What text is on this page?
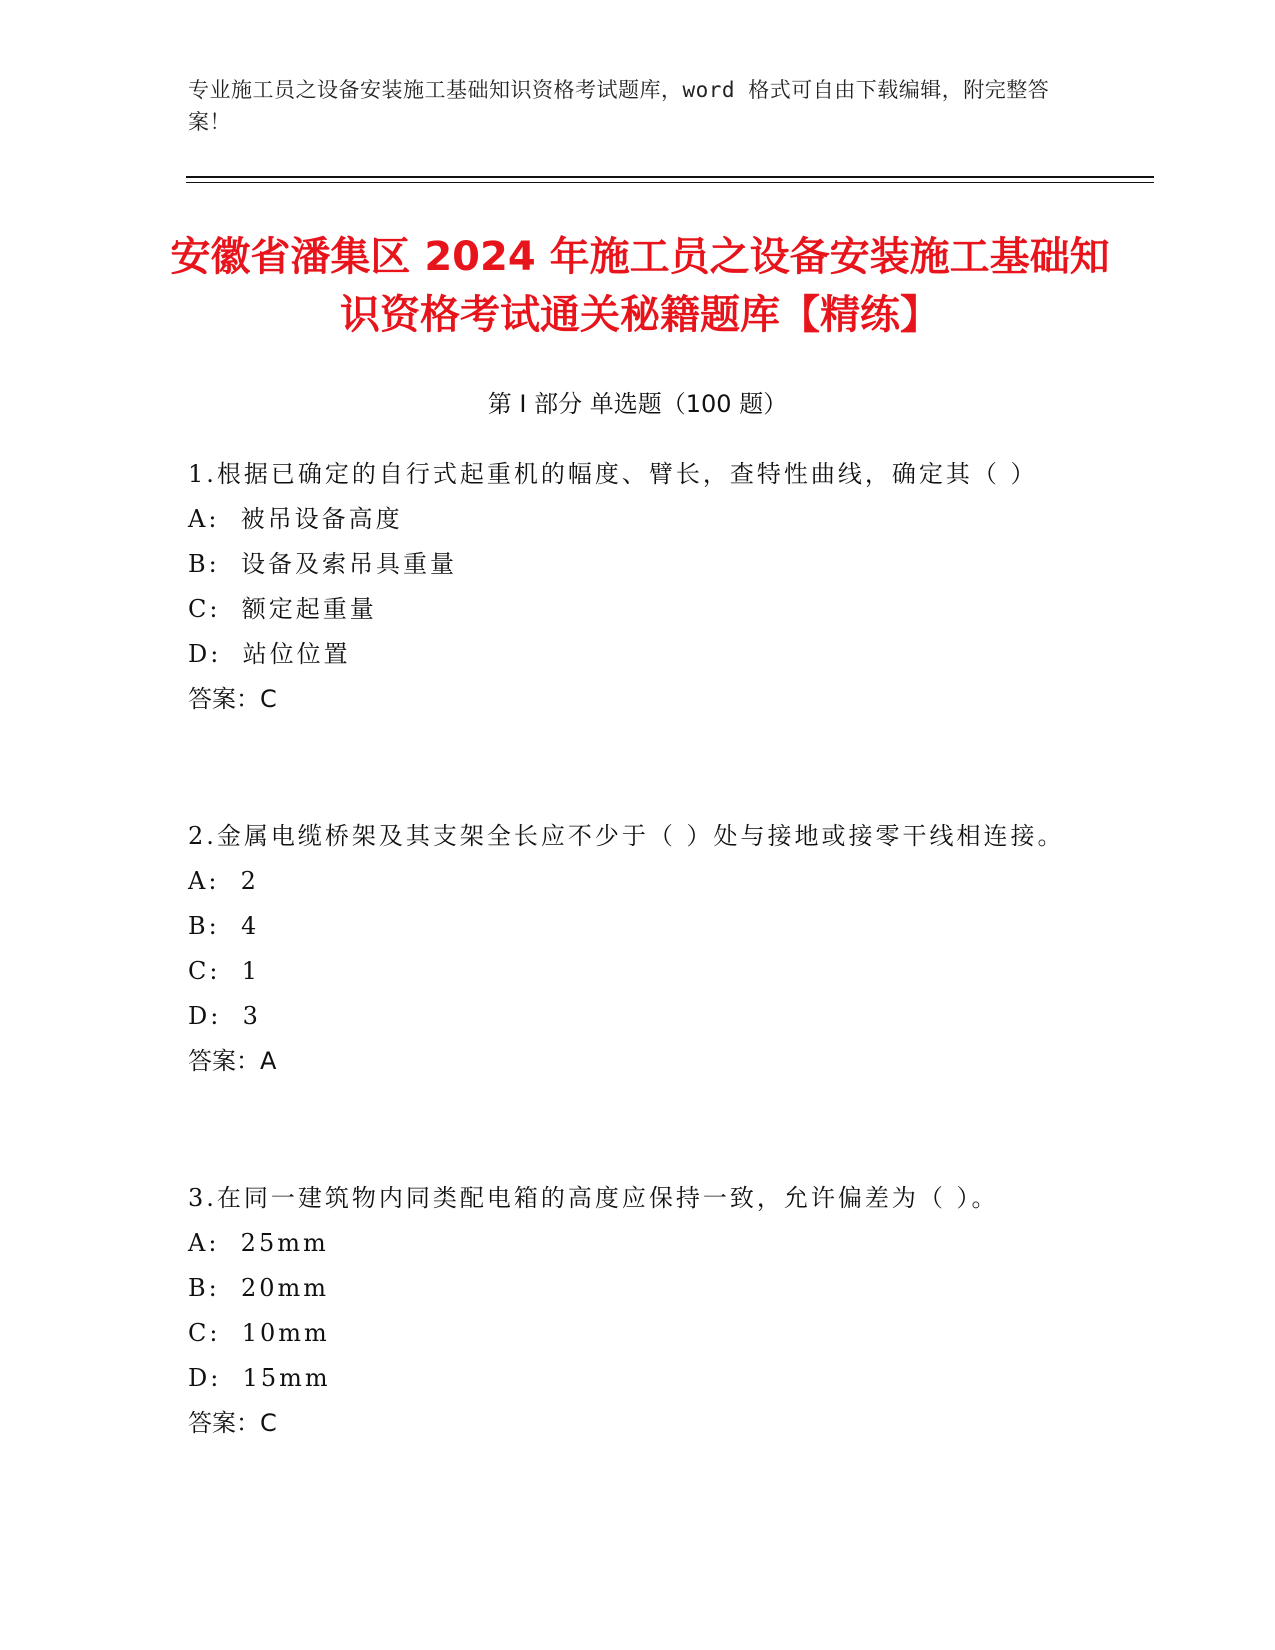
专业施工员之设备安装施工基础知识资格考试题库，word 格式可自由下载编辑，附完整答案！
安徽省潘集区 2024 年施工员之设备安装施工基础知识资格考试通关秘籍题库【精练】
第 I 部分 单选题（100 题）
1.根据已确定的自行式起重机的幅度、臂长，查特性曲线，确定其（ ）
A:  被吊设备高度
B:  设备及索吊具重量
C:  额定起重量
D:  站位位置
答案：C
2.金属电缆桥架及其支架全长应不少于（ ）处与接地或接零干线相连接。
A:  2
B:  4
C:  1
D:  3
答案：A
3.在同一建筑物内同类配电箱的高度应保持一致，允许偏差为（ ）。
A:  25mm
B:  20mm
C:  10mm
D:  15mm
答案：C
